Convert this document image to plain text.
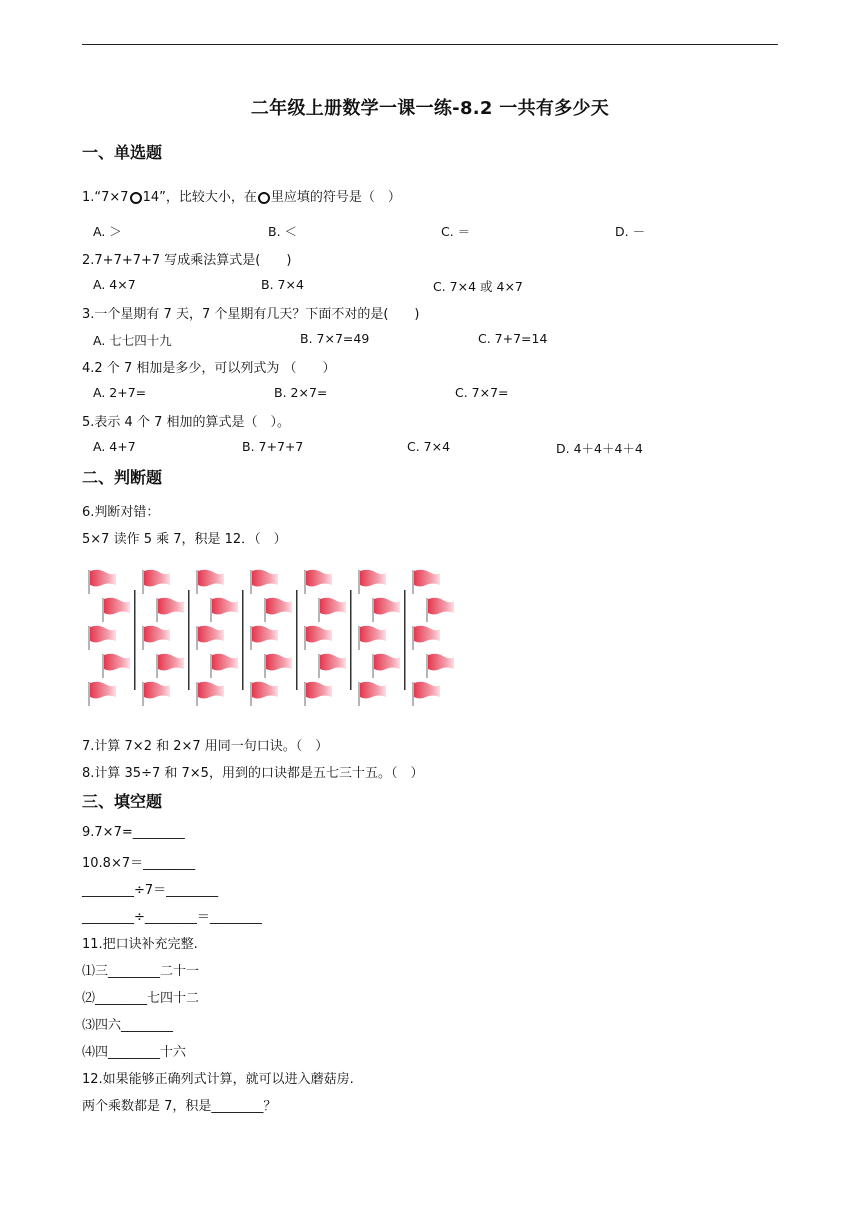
二年级上册数学一课一练-8.2 一共有多少天
一、单选题
1.“7×7 14”，比较大小，在 里应填的符号是（　）
A. ＞	B. ＜	C. ＝	D. －
2.7+7+7+7 写成乘法算式是(　　)
A. 4×7	B. 7×4	C. 7×4 或 4×7
3.一个星期有 7 天，7 个星期有几天？下面不对的是(　　)
A. 七七四十九	B. 7×7=49	C. 7+7=14
4.2 个 7 相加是多少，可以列式为 （　　）
A. 2+7=	B. 2×7=	C. 7×7=
5.表示 4 个 7 相加的算式是（　）。
A. 4+7	B. 7+7+7	C. 7×4	D. 4＋4＋4＋4
二、判断题
6.判断对错：
5×7 读作 5 乘 7，积是 12．（　）
7.计算 7×2 和 2×7 用同一句口诀。（　）
8.计算 35÷7 和 7×5，用到的口诀都是五七三十五。（　）
三、填空题
9.7×7=________
10.8×7＝________
________÷7＝________
________÷________＝________
11.把口诀补充完整.
⑴三________二十一
⑵________七四十二
⑶四六________
⑷四________十六
12.如果能够正确列式计算，就可以进入蘑菇房.
两个乘数都是 7，积是________？
